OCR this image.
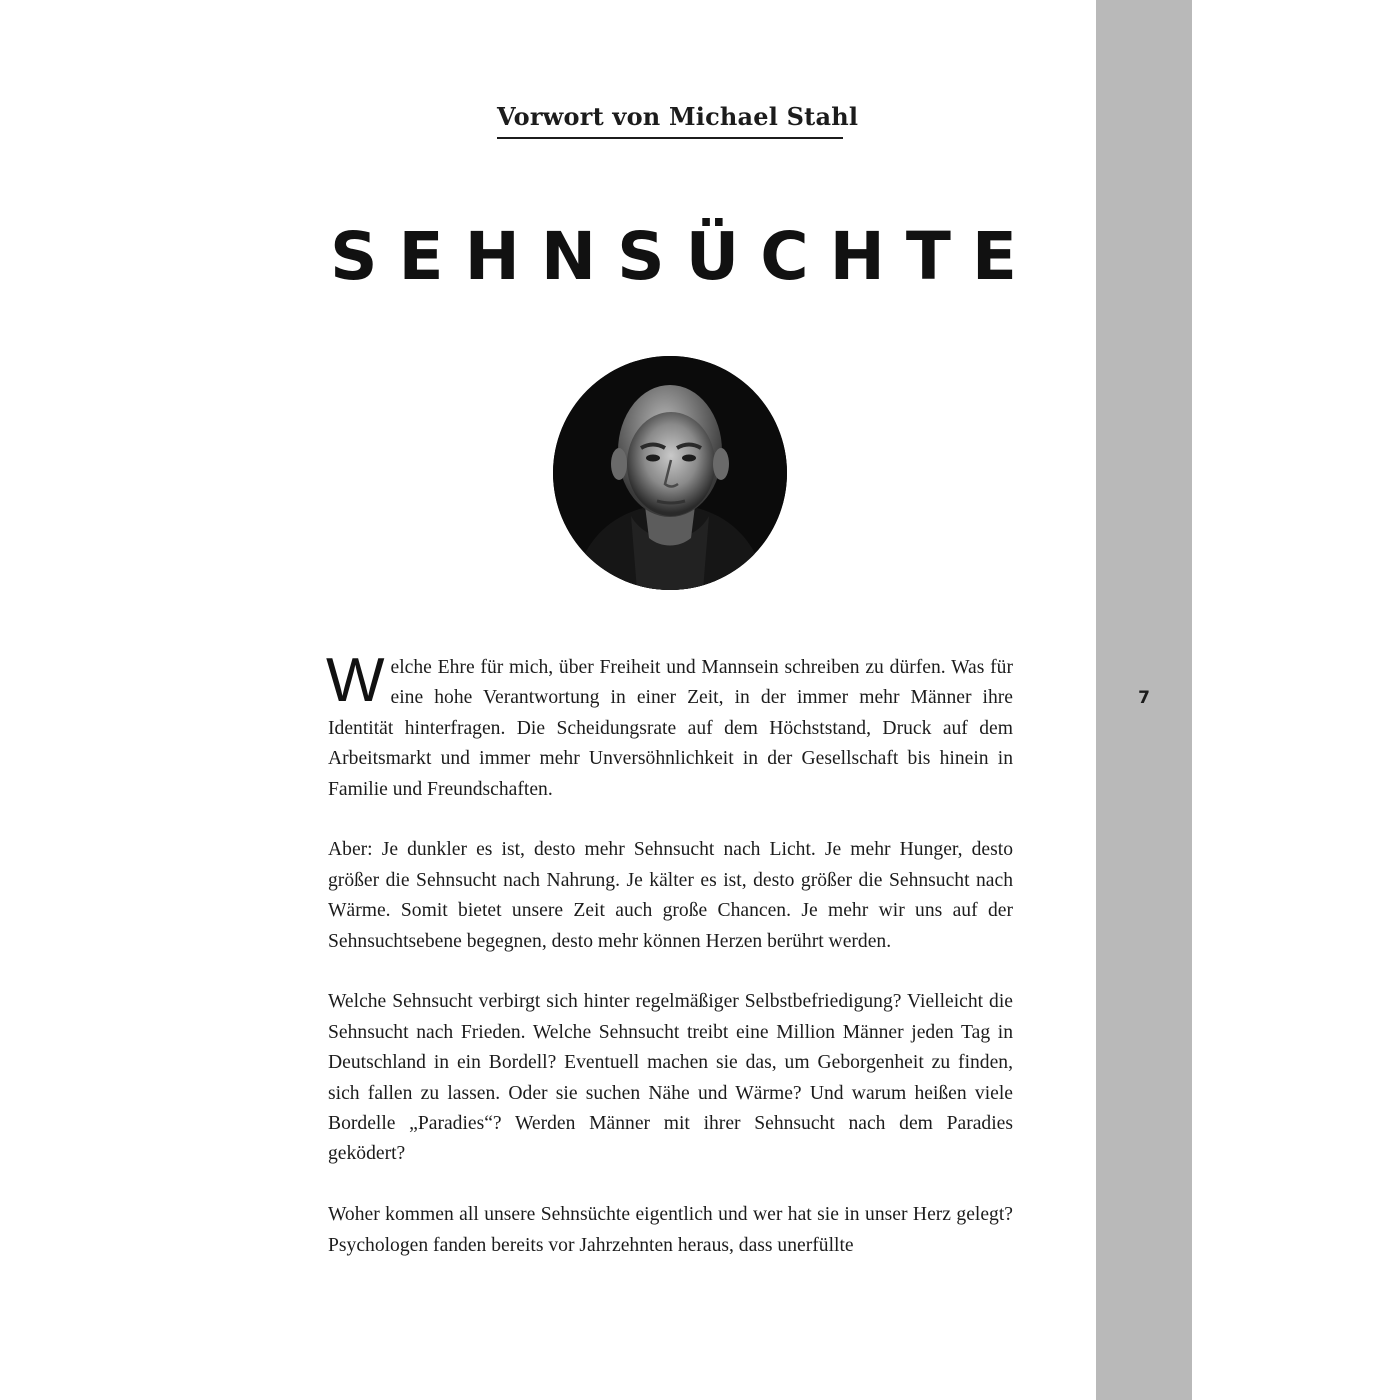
7
Vorwort von Michael Stahl
SEHNSÜCHTE

Welche Ehre für mich, über Freiheit und Mannsein schreiben zu dürfen. Was für eine hohe Verantwortung in einer Zeit, in der immer mehr Männer ihre Identität hinterfragen. Die Scheidungsrate auf dem Höchststand, Druck auf dem Arbeitsmarkt und immer mehr Unversöhnlichkeit in der Gesellschaft bis hinein in Familie und Freundschaften.

Aber: Je dunkler es ist, desto mehr Sehnsucht nach Licht. Je mehr Hunger, desto größer die Sehnsucht nach Nahrung. Je kälter es ist, desto größer die Sehnsucht nach Wärme. Somit bietet unsere Zeit auch große Chancen. Je mehr wir uns auf der Sehnsuchtsebene begegnen, desto mehr können Herzen berührt werden.

Welche Sehnsucht verbirgt sich hinter regelmäßiger Selbstbefriedigung? Vielleicht die Sehnsucht nach Frieden. Welche Sehnsucht treibt eine Million Männer jeden Tag in Deutschland in ein Bordell? Eventuell machen sie das, um Geborgenheit zu finden, sich fallen zu lassen. Oder sie suchen Nähe und Wärme? Und warum heißen viele Bordelle „Paradies“? Werden Männer mit ihrer Sehnsucht nach dem Paradies geködert?

Woher kommen all unsere Sehnsüchte eigentlich und wer hat sie in unser Herz gelegt? Psychologen fanden bereits vor Jahrzehnten heraus, dass unerfüllte
